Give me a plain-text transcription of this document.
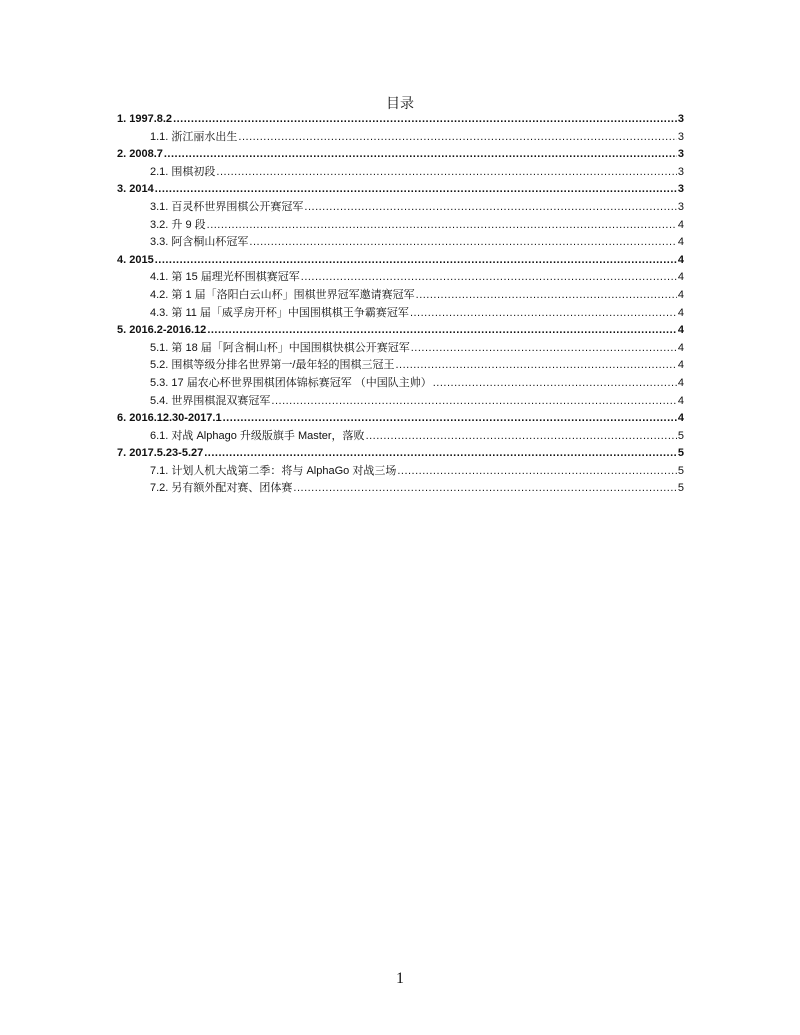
目录
1. 1997.8.2 .....	3
1.1. 浙江丽水出生 .....	3
2. 2008.7 .....	3
2.1. 围棋初段 .....	3
3. 2014 .....	3
3.1. 百灵杯世界围棋公开赛冠军 .....	3
3.2. 升 9 段 .....	4
3.3. 阿含桐山杯冠军 .....	4
4. 2015 .....	4
4.1. 第 15 届理光杯围棋赛冠军 .....	4
4.2. 第 1 届「洛阳白云山杯」围棋世界冠军邀请赛冠军 .....	4
4.3. 第 11 届「威孚房开杯」中国围棋棋王争霸赛冠军 .....	4
5. 2016.2-2016.12 .....	4
5.1. 第 18 届「阿含桐山杯」中国围棋快棋公开赛冠军 .....	4
5.2. 围棋等级分排名世界第一/最年轻的围棋三冠王 .....	4
5.3. 17 届农心杯世界围棋团体锦标赛冠军 （中国队主帅） .....	4
5.4. 世界围棋混双赛冠军 .....	4
6. 2016.12.30-2017.1 .....	4
6.1. 对战 Alphago 升级版旗手 Master，落败 .....	5
7. 2017.5.23-5.27 .....	5
7.1. 计划人机大战第二季：将与 AlphaGo 对战三场 .....	5
7.2. 另有额外配对赛、团体赛 .....	5
1
